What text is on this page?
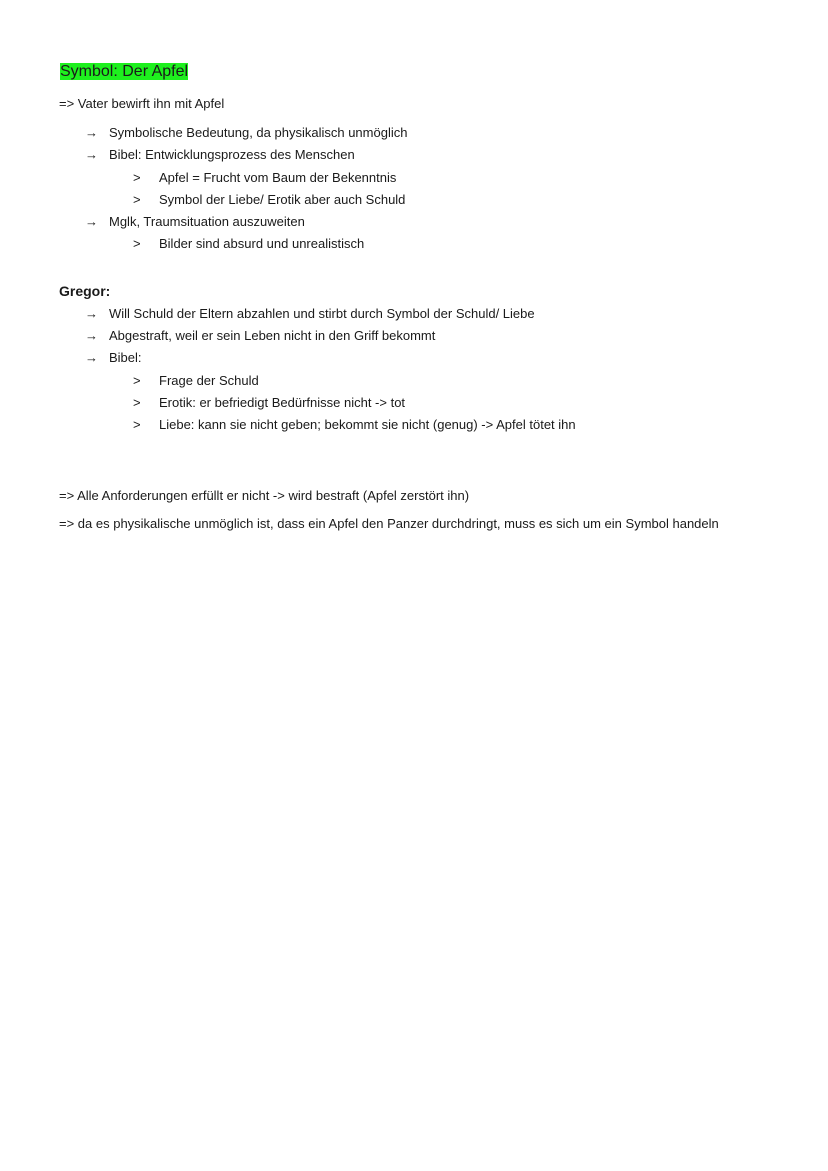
Symbol: Der Apfel
=> Vater bewirft ihn mit Apfel
→ Symbolische Bedeutung, da physikalisch unmöglich
→ Bibel: Entwicklungsprozess des Menschen
> Apfel = Frucht vom Baum der Bekenntnis
> Symbol der Liebe/ Erotik aber auch Schuld
→ Mglk, Traumsituation auszuweiten
> Bilder sind absurd und unrealistisch
Gregor:
→ Will Schuld der Eltern abzahlen und stirbt durch Symbol der Schuld/ Liebe
→ Abgestraft, weil er sein Leben nicht in den Griff bekommt
→ Bibel:
> Frage der Schuld
> Erotik: er befriedigt Bedürfnisse nicht -> tot
> Liebe: kann sie nicht geben; bekommt sie nicht (genug) -> Apfel tötet ihn
=> Alle Anforderungen erfüllt er nicht -> wird bestraft (Apfel zerstört ihn)
=> da es physikalische unmöglich ist, dass ein Apfel den Panzer durchdringt, muss es sich um ein Symbol handeln
